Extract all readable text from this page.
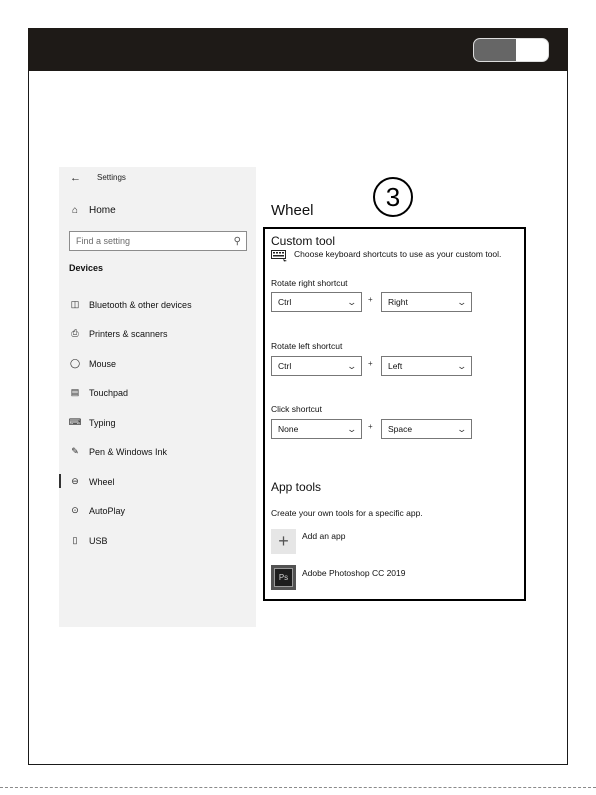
← Settings
⌂ Home
Find a setting	⚲
Devices
◫ Bluetooth & other devices
⎙ Printers & scanners
◯ Mouse
▤ Touchpad
⌨ Typing
✎ Pen & Windows Ink
⊖ Wheel
⊙ AutoPlay
▯	USB
Wheel	3
Custom tool
Choose keyboard shortcuts to use as your custom tool.
Rotate right shortcut
Ctrl	⌄ + Right	⌄
Rotate left shortcut
Ctrl	⌄ + Left	⌄
Click shortcut
None	⌄ + Space	⌄
App tools
Create your own tools for a specific app.
+ Add an app
Ps	Adobe Photoshop CC 2019
